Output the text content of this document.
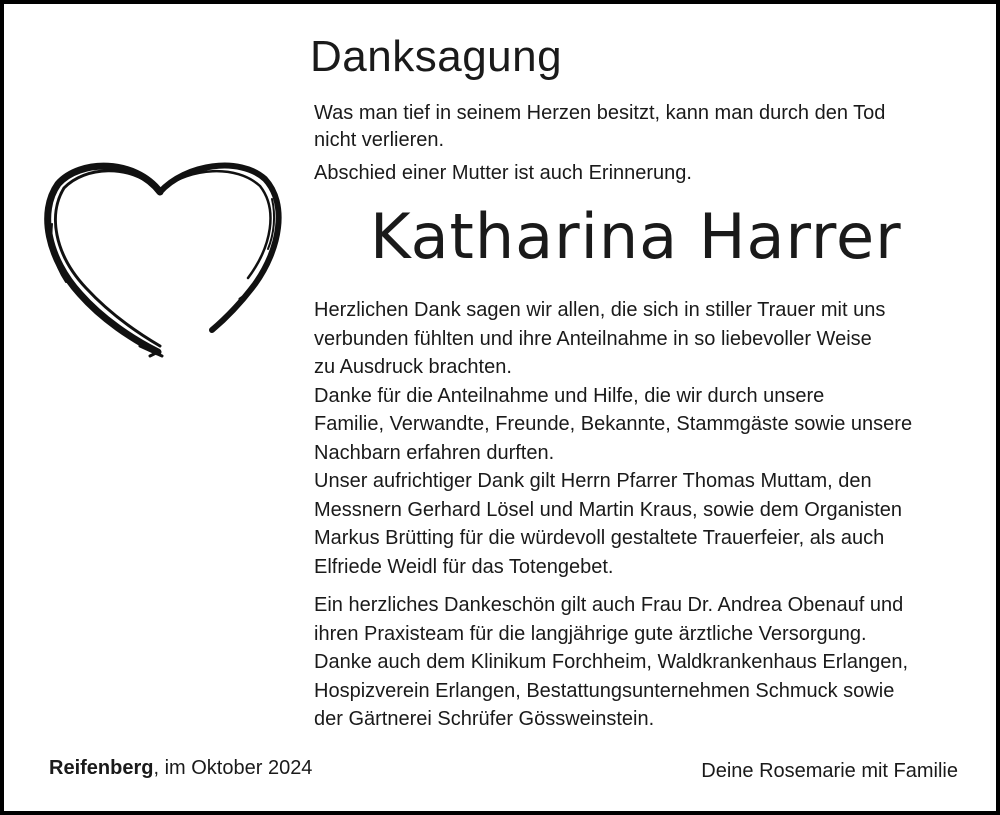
Danksagung
Was man tief in seinem Herzen besitzt, kann man durch den Tod
nicht verlieren.
Abschied einer Mutter ist auch Erinnerung.
Katharina Harrer
Herzlichen Dank sagen wir allen, die sich in stiller Trauer mit uns
verbunden fühlten und ihre Anteilnahme in so liebevoller Weise
zu Ausdruck brachten.
Danke für die Anteilnahme und Hilfe, die wir durch unsere
Familie, Verwandte, Freunde, Bekannte, Stammgäste sowie unsere
Nachbarn erfahren durften.
Unser aufrichtiger Dank gilt Herrn Pfarrer Thomas Muttam, den
Messnern Gerhard Lösel und Martin Kraus, sowie dem Organisten
Markus Brütting für die würdevoll gestaltete Trauerfeier, als auch
Elfriede Weidl für das Totengebet.
Ein herzliches Dankeschön gilt auch Frau Dr. Andrea Obenauf und
ihren Praxisteam für die langjährige gute ärztliche Versorgung.
Danke auch dem Klinikum Forchheim, Waldkrankenhaus Erlangen,
Hospizverein Erlangen, Bestattungsunternehmen Schmuck sowie
der Gärtnerei Schrüfer Gössweinstein.
Reifenberg, im Oktober 2024	Deine Rosemarie mit Familie
